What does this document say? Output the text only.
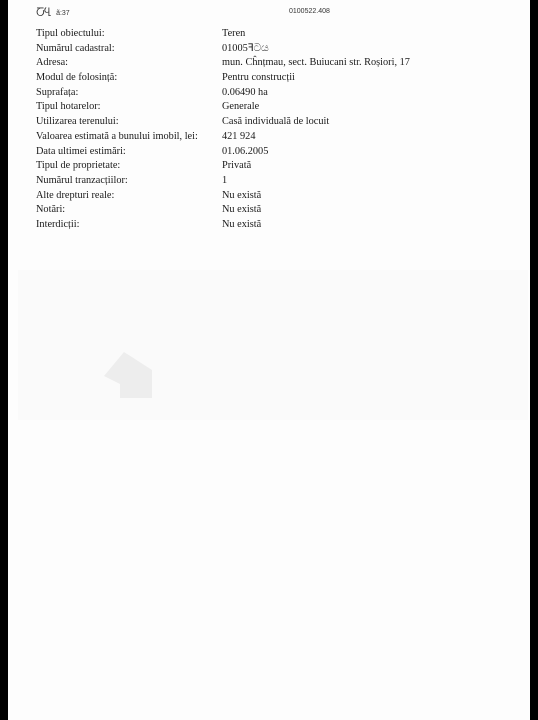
ႠႡ ã:37	0100522.408
Tipul obiectului:	Teren
Numărul cadastral:	01005ꟻටය
Adresa:	mun. Cĥnțmau, sect. Buiucani str. Roșiori, 17
Modul de folosință:	Pentru construcții
Suprafața:	0.06490 ha
Tipul hotarelor:	Generale
Utilizarea terenului:	Casă individuală de locuit
Valoarea estimată a bunului imobil, lei: 421 924
Data ultimei estimări:	01.06.2005
Tipul de proprietate:	Privată
Numărul tranzacțiilor:	1
Alte drepturi reale:	Nu există
Notări:	Nu există
Interdicții:	Nu există
